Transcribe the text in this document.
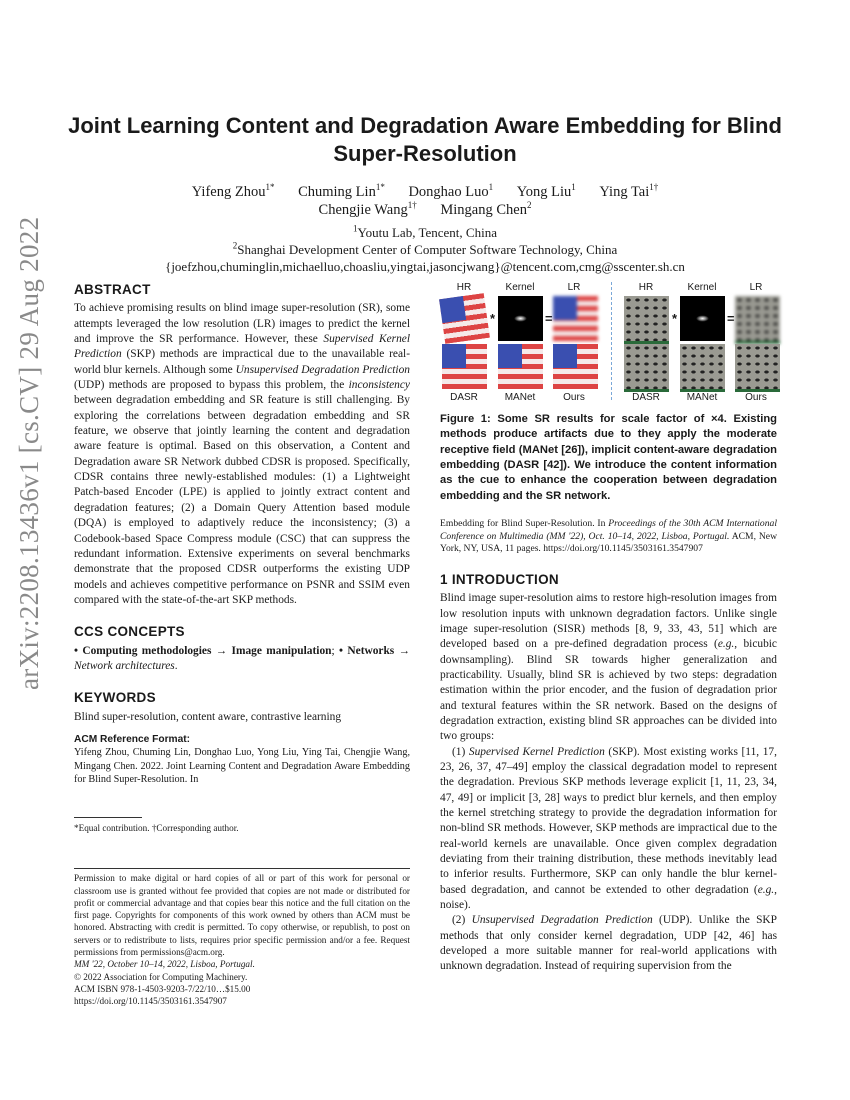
arXiv:2208.13436v1 [cs.CV] 29 Aug 2022
Joint Learning Content and Degradation Aware Embedding for Blind Super-Resolution
Yifeng Zhou$^{1*}$ Chuming Lin$^{1*}$ Donghao Luo$^1$ Yong Liu$^1$ Ying Tai$^{1\dagger}$
Chengjie Wang$^{1\dagger}$ Mingang Chen$^2$
$^1$Youtu Lab, Tencent, China
$^2$Shanghai Development Center of Computer Software Technology, China
{joefzhou,chuminglin,michaelluo,choasliu,yingtai,jasoncjwang}@tencent.com,cmg@sscenter.sh.cn
ABSTRACT

To achieve promising results on blind image super-resolution (SR), some attempts leveraged the low resolution (LR) images to predict the kernel and improve the SR performance. However, these Supervised Kernel Prediction (SKP) methods are impractical due to the unavailable real-world blur kernels. Although some Unsupervised Degradation Prediction (UDP) methods are proposed to bypass this problem, the inconsistency between degradation embedding and SR feature is still challenging. By exploring the correlations between degradation embedding and SR feature, we observe that jointly learning the content and degradation aware feature is optimal. Based on this observation, a Content and Degradation aware SR Network dubbed CDSR is proposed. Specifically, CDSR contains three newly-established modules: (1) a Lightweight Patch-based Encoder (LPE) is applied to jointly extract content and degradation features; (2) a Domain Query Attention based module (DQA) is employed to adaptively reduce the inconsistency; (3) a Codebook-based Space Compress module (CSC) that can suppress the redundant information. Extensive experiments on several benchmarks demonstrate that the proposed CDSR outperforms the existing UDP models and achieves competitive performance on PSNR and SSIM even compared with the state-of-the-art SKP methods.

CCS CONCEPTS

• Computing methodologies → Image manipulation; • Networks → Network architectures.

KEYWORDS

Blind super-resolution, content aware, contrastive learning

ACM Reference Format:
Yifeng Zhou, Chuming Lin, Donghao Luo, Yong Liu, Ying Tai, Chengjie Wang, Mingang Chen. 2022. Joint Learning Content and Degradation Aware Embedding for Blind Super-Resolution. In

*Equal contribution. †Corresponding author.

Permission to make digital or hard copies of all or part of this work for personal or classroom use is granted without fee provided that copies are not made or distributed for profit or commercial advantage and that copies bear this notice and the full citation on the first page. Copyrights for components of this work owned by others than ACM must be honored. Abstracting with credit is permitted. To copy otherwise, or republish, to post on servers or to redistribute to lists, requires prior specific permission and/or a fee. Request permissions from permissions@acm.org.

MM '22, October 10–14, 2022, Lisboa, Portugal.

© 2022 Association for Computing Machinery.

ACM ISBN 978-1-4503-9203-7/22/10…$15.00

https://doi.org/10.1145/3503161.3547907

HR	Kernel	LR	HR	Kernel	LR
*	=	*	=
DASR	MANet	Ours	DASR	MANet	Ours

Figure 1: Some SR results for scale factor of ×4. Existing methods produce artifacts due to they apply the moderate receptive field (MANet [26]), implicit content-aware degradation embedding (DASR [42]). We introduce the content information as the cue to enhance the cooperation between degradation embedding and the SR network.

Embedding for Blind Super-Resolution. In Proceedings of the 30th ACM International Conference on Multimedia (MM '22), Oct. 10–14, 2022, Lisboa, Portugal. ACM, New York, NY, USA, 11 pages. https://doi.org/10.1145/3503161.3547907

1 INTRODUCTION

Blind image super-resolution aims to restore high-resolution images from low resolution inputs with unknown degradation factors. Unlike single image super-resolution (SISR) methods [8, 9, 33, 43, 51] which are developed based on a pre-defined degradation process (e.g., bicubic downsampling). Blind SR towards higher generalization and practicability. Usually, blind SR is achieved by two steps: degradation estimation within the prior encoder, and the fusion of degradation prior and textural features within the SR network. Based on the designs of degradation extraction, existing blind SR approaches can be divided into two groups:

(1) Supervised Kernel Prediction (SKP). Most existing works [11, 17, 23, 26, 37, 47–49] employ the classical degradation model to represent the degradation. Previous SKP methods leverage explicit [1, 11, 23, 34, 47, 49] or implicit [3, 28] ways to predict blur kernels, and then employ the kernel stretching strategy to provide the degradation information for non-blind SR methods. However, SKP methods are impractical due to the real-world kernels are unavailable. Once given complex degradation deviating from their training distribution, these methods inevitably lead to inferior results. Furthermore, SKP can only handle the blur kernel-based degradation, and cannot be extended to other degradation (e.g., noise).

(2) Unsupervised Degradation Prediction (UDP). Unlike the SKP methods that only consider kernel degradation, UDP [42, 46] has developed a more suitable manner for real-world applications with unknown degradation. Instead of requiring supervision from the
